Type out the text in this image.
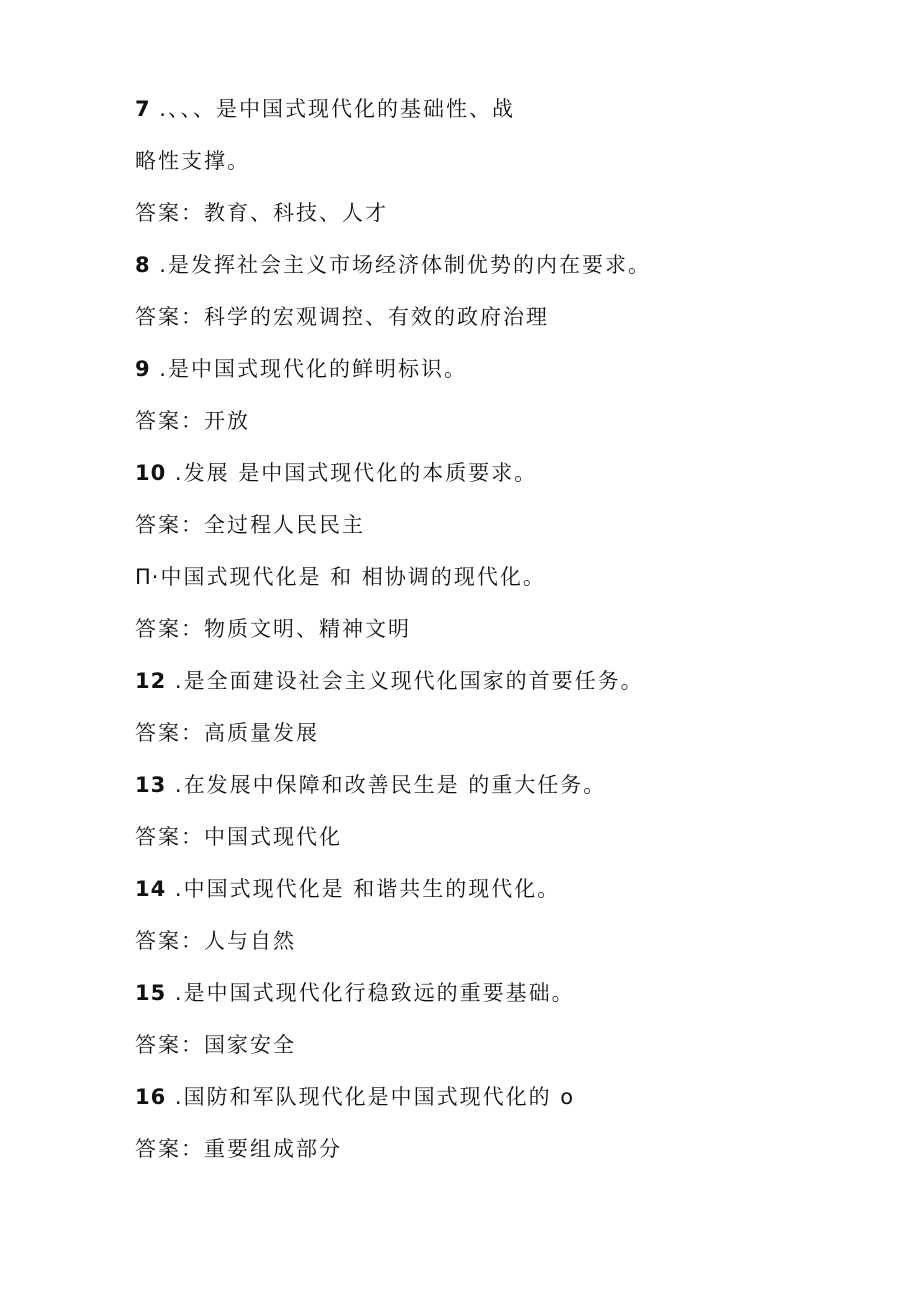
7 .、、、是中国式现代化的基础性、战
略性支撑。
答案：教育、科技、人才
8 .是发挥社会主义市场经济体制优势的内在要求。
答案：科学的宏观调控、有效的政府治理
9 .是中国式现代化的鲜明标识。
答案：开放
10 .发展 是中国式现代化的本质要求。
答案：全过程人民民主
Π·中国式现代化是 和 相协调的现代化。
答案：物质文明、精神文明
12 .是全面建设社会主义现代化国家的首要任务。
答案：高质量发展
13 .在发展中保障和改善民生是 的重大任务。
答案：中国式现代化
14 .中国式现代化是 和谐共生的现代化。
答案：人与自然
15 .是中国式现代化行稳致远的重要基础。
答案：国家安全
16 .国防和军队现代化是中国式现代化的 o
答案：重要组成部分
